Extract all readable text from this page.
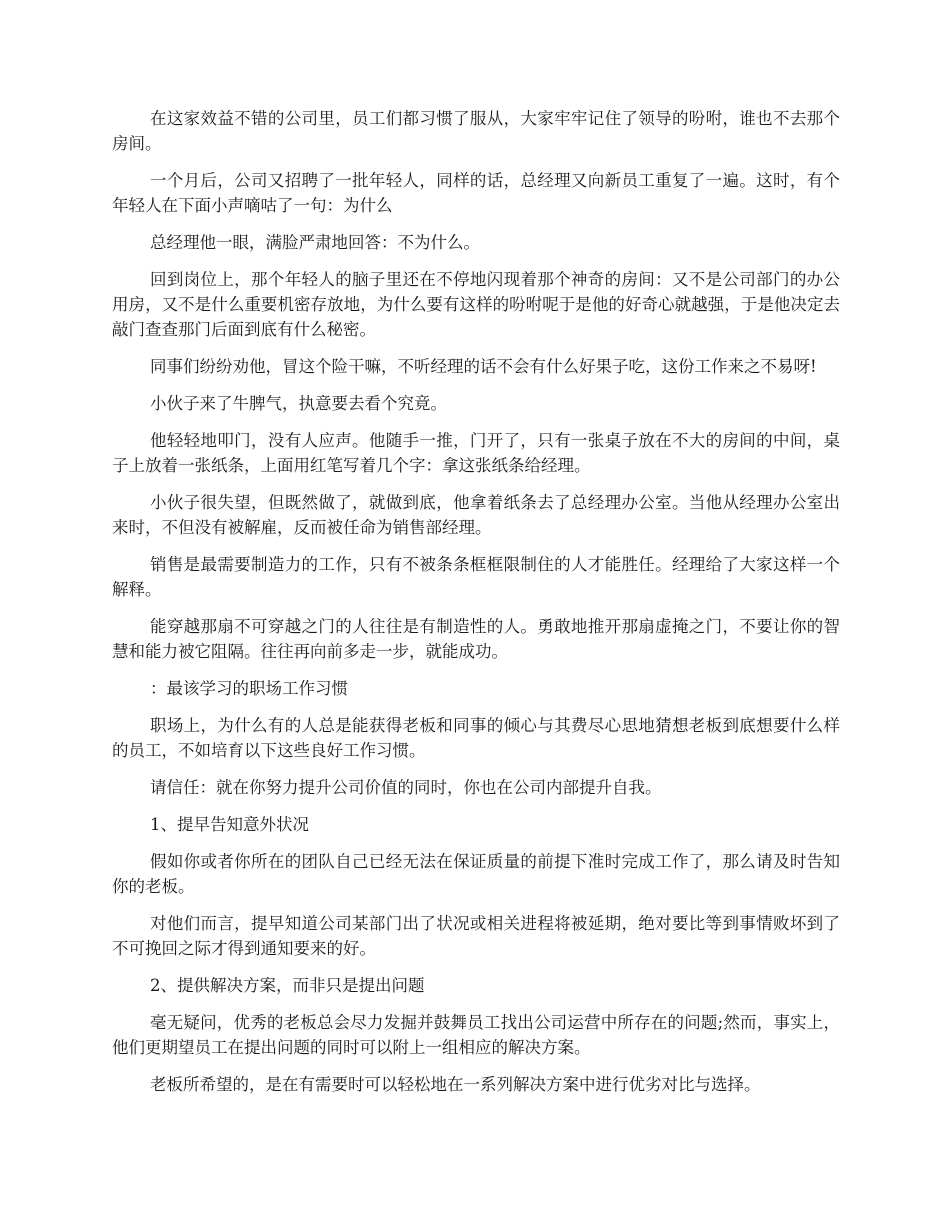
在这家效益不错的公司里，员工们都习惯了服从，大家牢牢记住了领导的吩咐，谁也不去那个房间。

一个月后，公司又招聘了一批年轻人，同样的话，总经理又向新员工重复了一遍。这时，有个年轻人在下面小声嘀咕了一句：为什么

总经理他一眼，满脸严肃地回答：不为什么。

回到岗位上，那个年轻人的脑子里还在不停地闪现着那个神奇的房间：又不是公司部门的办公用房，又不是什么重要机密存放地，为什么要有这样的吩咐呢于是他的好奇心就越强，于是他决定去敲门查查那门后面到底有什么秘密。

同事们纷纷劝他，冒这个险干嘛，不听经理的话不会有什么好果子吃，这份工作来之不易呀!

小伙子来了牛脾气，执意要去看个究竟。

他轻轻地叩门，没有人应声。他随手一推，门开了，只有一张桌子放在不大的房间的中间，桌子上放着一张纸条，上面用红笔写着几个字：拿这张纸条给经理。

小伙子很失望，但既然做了，就做到底，他拿着纸条去了总经理办公室。当他从经理办公室出来时，不但没有被解雇，反而被任命为销售部经理。

销售是最需要制造力的工作，只有不被条条框框限制住的人才能胜任。经理给了大家这样一个解释。

能穿越那扇不可穿越之门的人往往是有制造性的人。勇敢地推开那扇虚掩之门，不要让你的智慧和能力被它阻隔。往往再向前多走一步，就能成功。

：最该学习的职场工作习惯

职场上，为什么有的人总是能获得老板和同事的倾心与其费尽心思地猜想老板到底想要什么样的员工，不如培育以下这些良好工作习惯。

请信任：就在你努力提升公司价值的同时，你也在公司内部提升自我。

1、提早告知意外状况

假如你或者你所在的团队自己已经无法在保证质量的前提下准时完成工作了，那么请及时告知你的老板。

对他们而言，提早知道公司某部门出了状况或相关进程将被延期，绝对要比等到事情败坏到了不可挽回之际才得到通知要来的好。

2、提供解决方案，而非只是提出问题

毫无疑问，优秀的老板总会尽力发掘并鼓舞员工找出公司运营中所存在的问题;然而，事实上，他们更期望员工在提出问题的同时可以附上一组相应的解决方案。

老板所希望的，是在有需要时可以轻松地在一系列解决方案中进行优劣对比与选择。
